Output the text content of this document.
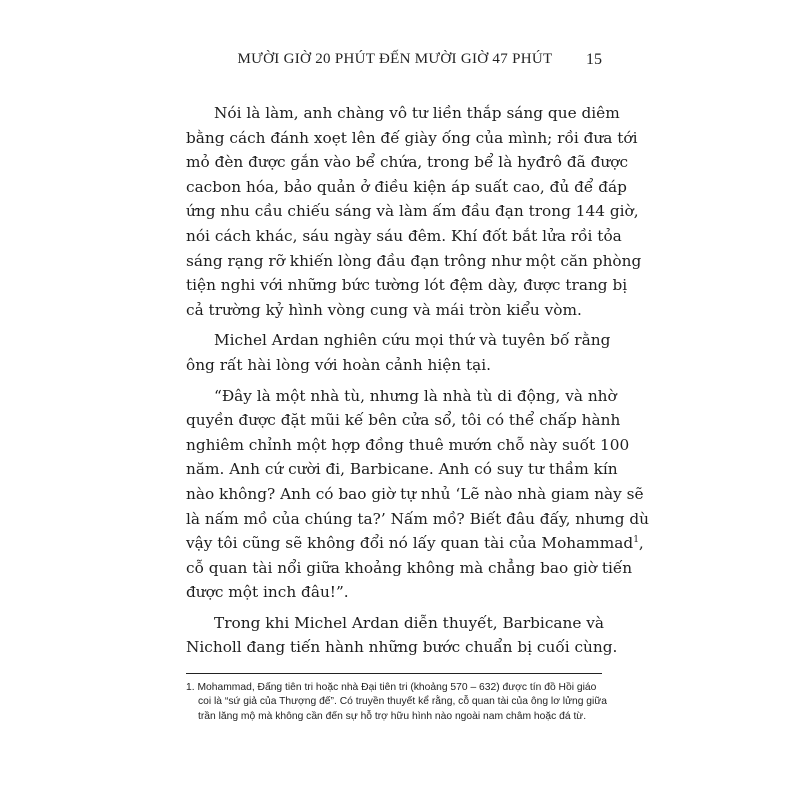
MƯỜI GIỜ 20 PHÚT ĐẾN MƯỜI GIỜ 47 PHÚT	15

Nói là làm, anh chàng vô tư liền thắp sáng que diêm
bằng cách đánh xoẹt lên đế giày ống của mình; rồi đưa tới
mỏ đèn được gắn vào bể chứa, trong bể là hyđrô đã được
cacbon hóa, bảo quản ở điều kiện áp suất cao, đủ để đáp
ứng nhu cầu chiếu sáng và làm ấm đầu đạn trong 144 giờ,
nói cách khác, sáu ngày sáu đêm. Khí đốt bắt lửa rồi tỏa
sáng rạng rỡ khiến lòng đầu đạn trông như một căn phòng
tiện nghi với những bức tường lót đệm dày, được trang bị
cả trường kỷ hình vòng cung và mái tròn kiểu vòm.

Michel Ardan nghiên cứu mọi thứ và tuyên bố rằng
ông rất hài lòng với hoàn cảnh hiện tại.

“Đây là một nhà tù, nhưng là nhà tù di động, và nhờ
quyền được đặt mũi kế bên cửa sổ, tôi có thể chấp hành
nghiêm chỉnh một hợp đồng thuê mướn chỗ này suốt 100
năm. Anh cứ cười đi, Barbicane. Anh có suy tư thầm kín
nào không? Anh có bao giờ tự nhủ ‘Lẽ nào nhà giam này sẽ
là nấm mồ của chúng ta?’ Nấm mồ? Biết đâu đấy, nhưng dù
vậy tôi cũng sẽ không đổi nó lấy quan tài của Mohammad$^1$,
cỗ quan tài nổi giữa khoảng không mà chẳng bao giờ tiến
được một inch đâu!”.

Trong khi Michel Ardan diễn thuyết, Barbicane và
Nicholl đang tiến hành những bước chuẩn bị cuối cùng.

1. Mohammad, Đấng tiên tri hoặc nhà Đại tiên tri (khoảng 570 – 632) được tín đồ Hồi giáo
coi là “sứ giả của Thượng đế”. Có truyền thuyết kể rằng, cỗ quan tài của ông lơ lửng giữa
trần lăng mộ mà không cần đến sự hỗ trợ hữu hình nào ngoài nam châm hoặc đá từ.
